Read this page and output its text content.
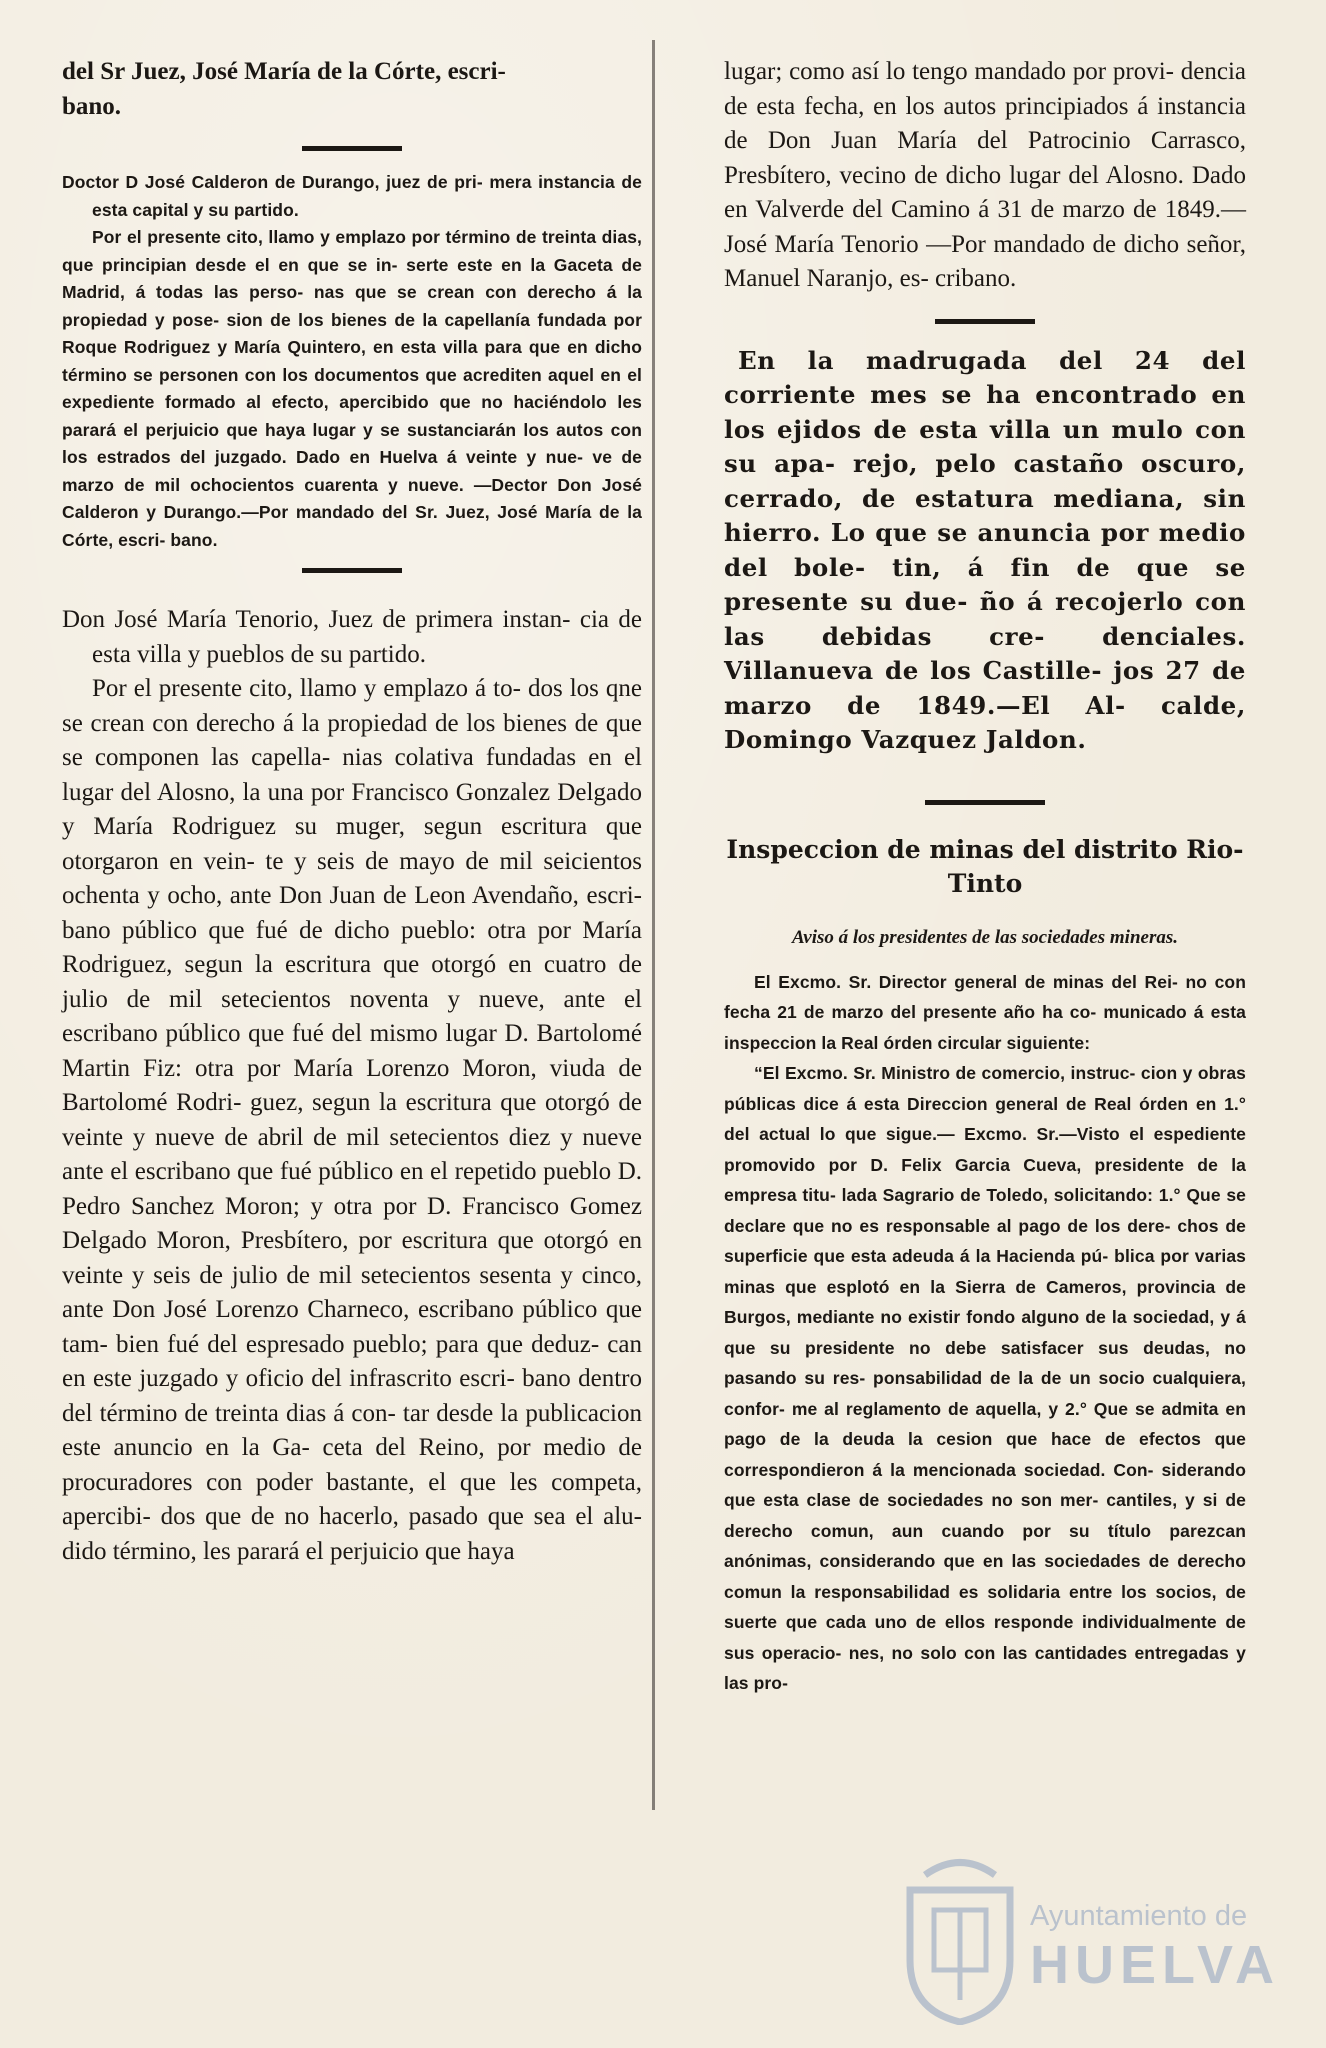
del Sr Juez, José María de la Córte, escri-
bano.

Doctor D José Calderon de Durango, juez de pri- mera instancia de esta capital y su partido.

Por el presente cito, llamo y emplazo por término de treinta dias, que principian desde el en que se in- serte este en la Gaceta de Madrid, á todas las perso- nas que se crean con derecho á la propiedad y pose- sion de los bienes de la capellanía fundada por Roque Rodriguez y María Quintero, en esta villa para que en dicho término se personen con los documentos que acrediten aquel en el expediente formado al efecto, apercibido que no haciéndolo les parará el perjuicio que haya lugar y se sustanciarán los autos con los estrados del juzgado. Dado en Huelva á veinte y nue- ve de marzo de mil ochocientos cuarenta y nueve. —Dector Don José Calderon y Durango.—Por mandado del Sr. Juez, José María de la Córte, escri- bano.

Don José María Tenorio, Juez de primera instan- cia de esta villa y pueblos de su partido.

Por el presente cito, llamo y emplazo á to- dos los qne se crean con derecho á la propiedad de los bienes de que se componen las capella- nias colativa fundadas en el lugar del Alosno, la una por Francisco Gonzalez Delgado y María Rodriguez su muger, segun escritura que otorgaron en vein- te y seis de mayo de mil seicientos ochenta y ocho, ante Don Juan de Leon Avendaño, escri- bano público que fué de dicho pueblo: otra por María Rodriguez, segun la escritura que otorgó en cuatro de julio de mil setecientos noventa y nueve, ante el escribano público que fué del mismo lugar D. Bartolomé Martin Fiz: otra por María Lorenzo Moron, viuda de Bartolomé Rodri- guez, segun la escritura que otorgó de veinte y nueve de abril de mil setecientos diez y nueve ante el escribano que fué público en el repetido pueblo D. Pedro Sanchez Moron; y otra por D. Francisco Gomez Delgado Moron, Presbítero, por escritura que otorgó en veinte y seis de julio de mil setecientos sesenta y cinco, ante Don José Lorenzo Charneco, escribano público que tam- bien fué del espresado pueblo; para que deduz- can en este juzgado y oficio del infrascrito escri- bano dentro del término de treinta dias á con- tar desde la publicacion este anuncio en la Ga- ceta del Reino, por medio de procuradores con poder bastante, el que les competa, apercibi- dos que de no hacerlo, pasado que sea el alu- dido término, les parará el perjuicio que haya

lugar; como así lo tengo mandado por provi- dencia de esta fecha, en los autos principiados á instancia de Don Juan María del Patrocinio Carrasco, Presbítero, vecino de dicho lugar del Alosno. Dado en Valverde del Camino á 31 de marzo de 1849.—José María Tenorio —Por mandado de dicho señor, Manuel Naranjo, es- cribano.

En la madrugada del 24 del corriente mes se ha encontrado en los ejidos de esta villa un mulo con su apa- rejo, pelo castaño oscuro, cerrado, de estatura mediana, sin hierro. Lo que se anuncia por medio del bole- tin, á fin de que se presente su due- ño á recojerlo con las debidas cre- denciales. Villanueva de los Castille- jos 27 de marzo de 1849.—El Al- calde, Domingo Vazquez Jaldon.

Inspeccion de minas del distrito Rio-Tinto
Aviso á los presidentes de las sociedades mineras.

El Excmo. Sr. Director general de minas del Rei- no con fecha 21 de marzo del presente año ha co- municado á esta inspeccion la Real órden circular siguiente:

“El Excmo. Sr. Ministro de comercio, instruc- cion y obras públicas dice á esta Direccion general de Real órden en 1.° del actual lo que sigue.— Excmo. Sr.—Visto el espediente promovido por D. Felix Garcia Cueva, presidente de la empresa titu- lada Sagrario de Toledo, solicitando: 1.° Que se declare que no es responsable al pago de los dere- chos de superficie que esta adeuda á la Hacienda pú- blica por varias minas que esplotó en la Sierra de Cameros, provincia de Burgos, mediante no existir fondo alguno de la sociedad, y á que su presidente no debe satisfacer sus deudas, no pasando su res- ponsabilidad de la de un socio cualquiera, confor- me al reglamento de aquella, y 2.° Que se admita en pago de la deuda la cesion que hace de efectos que correspondieron á la mencionada sociedad. Con- siderando que esta clase de sociedades no son mer- cantiles, y si de derecho comun, aun cuando por su título parezcan anónimas, considerando que en las sociedades de derecho comun la responsabilidad es solidaria entre los socios, de suerte que cada uno de ellos responde individualmente de sus operacio- nes, no solo con las cantidades entregadas y las pro-

Ayuntamiento de
HUELVA
